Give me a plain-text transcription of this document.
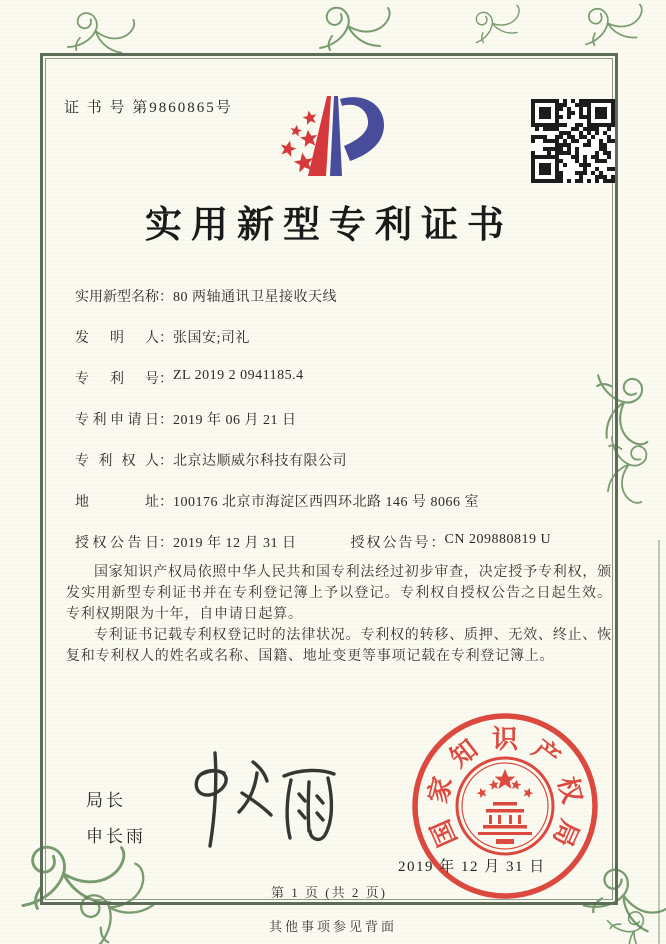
证 书 号 第9860865号
实用新型专利证书
实用新型名称：80 两轴通讯卫星接收天线
发明人：张国安;司礼
专利号：ZL 2019 2 0941185.4
专利申请日：2019 年 06 月 21 日
专利权人：北京达顺威尔科技有限公司
地址：100176 北京市海淀区西四环北路 146 号 8066 室
授权公告日：2019 年 12 月 31 日	授权公告号：CN 209880819 U

国家知识产权局依照中华人民共和国专利法经过初步审查，决定授予专利权，颁发实用新型专利证书并在专利登记簿上予以登记。专利权自授权公告之日起生效。专利权期限为十年，自申请日起算。

专利证书记载专利权登记时的法律状况。专利权的转移、质押、无效、终止、恢复和专利权人的姓名或名称、国籍、地址变更等事项记载在专利登记簿上。

局长
申长雨	国
家
知 识 产
权
局
2019 年 12 月 31 日
第 1 页 (共 2 页)
其他事项参见背面
